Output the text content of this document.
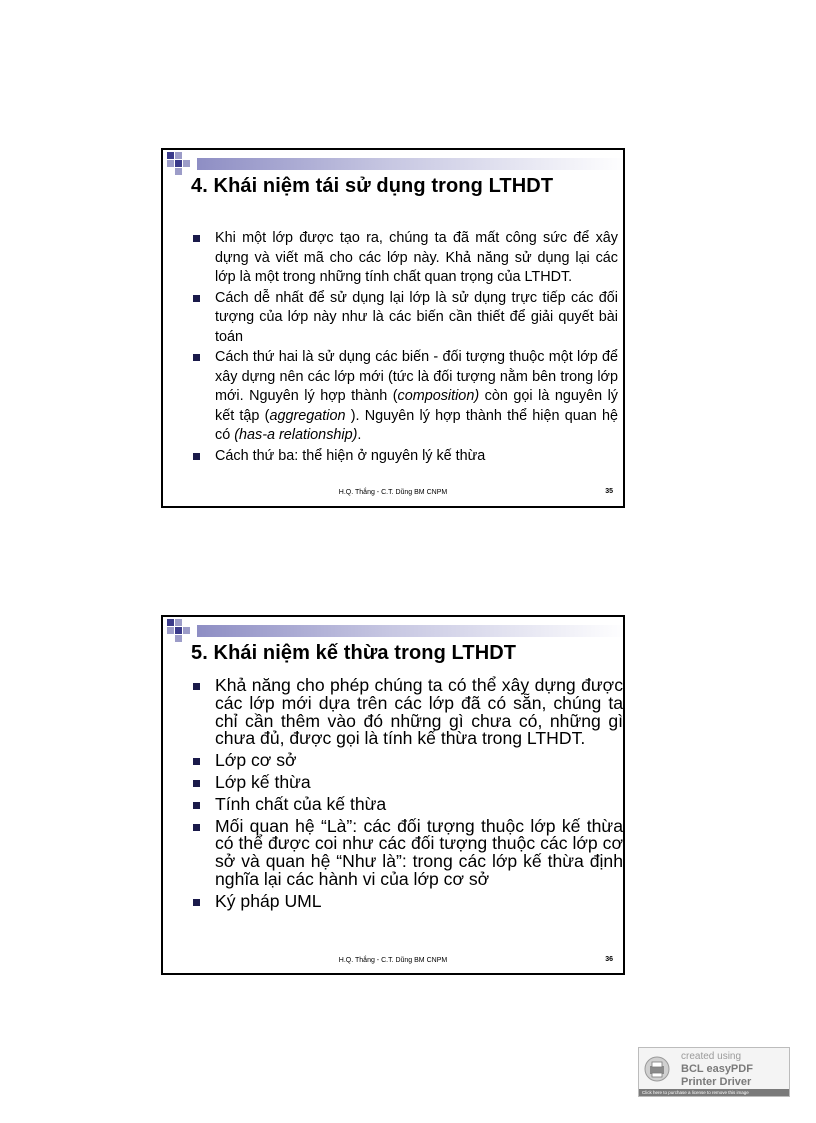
4. Khái niệm tái sử dụng trong LTHDT
Khi một lớp được tạo ra, chúng ta đã mất công sức để xây dựng và viết mã cho các lớp này. Khả năng sử dụng lại các lớp là một trong những tính chất quan trọng của LTHDT.
Cách dễ nhất để sử dụng lại lớp là sử dụng trực tiếp các đối tượng của lớp này như là các biến cần thiết để giải quyết bài toán
Cách thứ hai là sử dụng các biến - đối tượng thuộc một lớp để xây dựng nên các lớp mới (tức là đối tượng nằm bên trong lớp mới. Nguyên lý hợp thành (composition) còn gọi là nguyên lý kết tập (aggregation ). Nguyên lý hợp thành thể hiện quan hệ có (has-a relationship).
Cách thứ ba: thể hiện ở nguyên lý kế thừa
H.Q. Thắng - C.T. Dũng BM CNPM	35
5. Khái niệm kế thừa trong LTHDT
Khả năng cho phép chúng ta có thể xây dựng được các lớp mới dựa trên các lớp đã có sẵn, chúng ta chỉ cần thêm vào đó những gì chưa có, những gì chưa đủ, được gọi là tính kế thừa trong LTHDT.
Lớp cơ sở
Lớp kế thừa
Tính chất của kế thừa
Mối quan hệ “Là”: các đối tượng thuộc lớp kế thừa có thể được coi như các đối tượng thuộc các lớp cơ sở và quan hệ “Như là”: trong các lớp kế thừa định nghĩa lại các hành vi của lớp cơ sở
Ký pháp UML
H.Q. Thắng - C.T. Dũng BM CNPM	36
created using
BCL easyPDF
Printer Driver
Click here to purchase a license to remove this image
